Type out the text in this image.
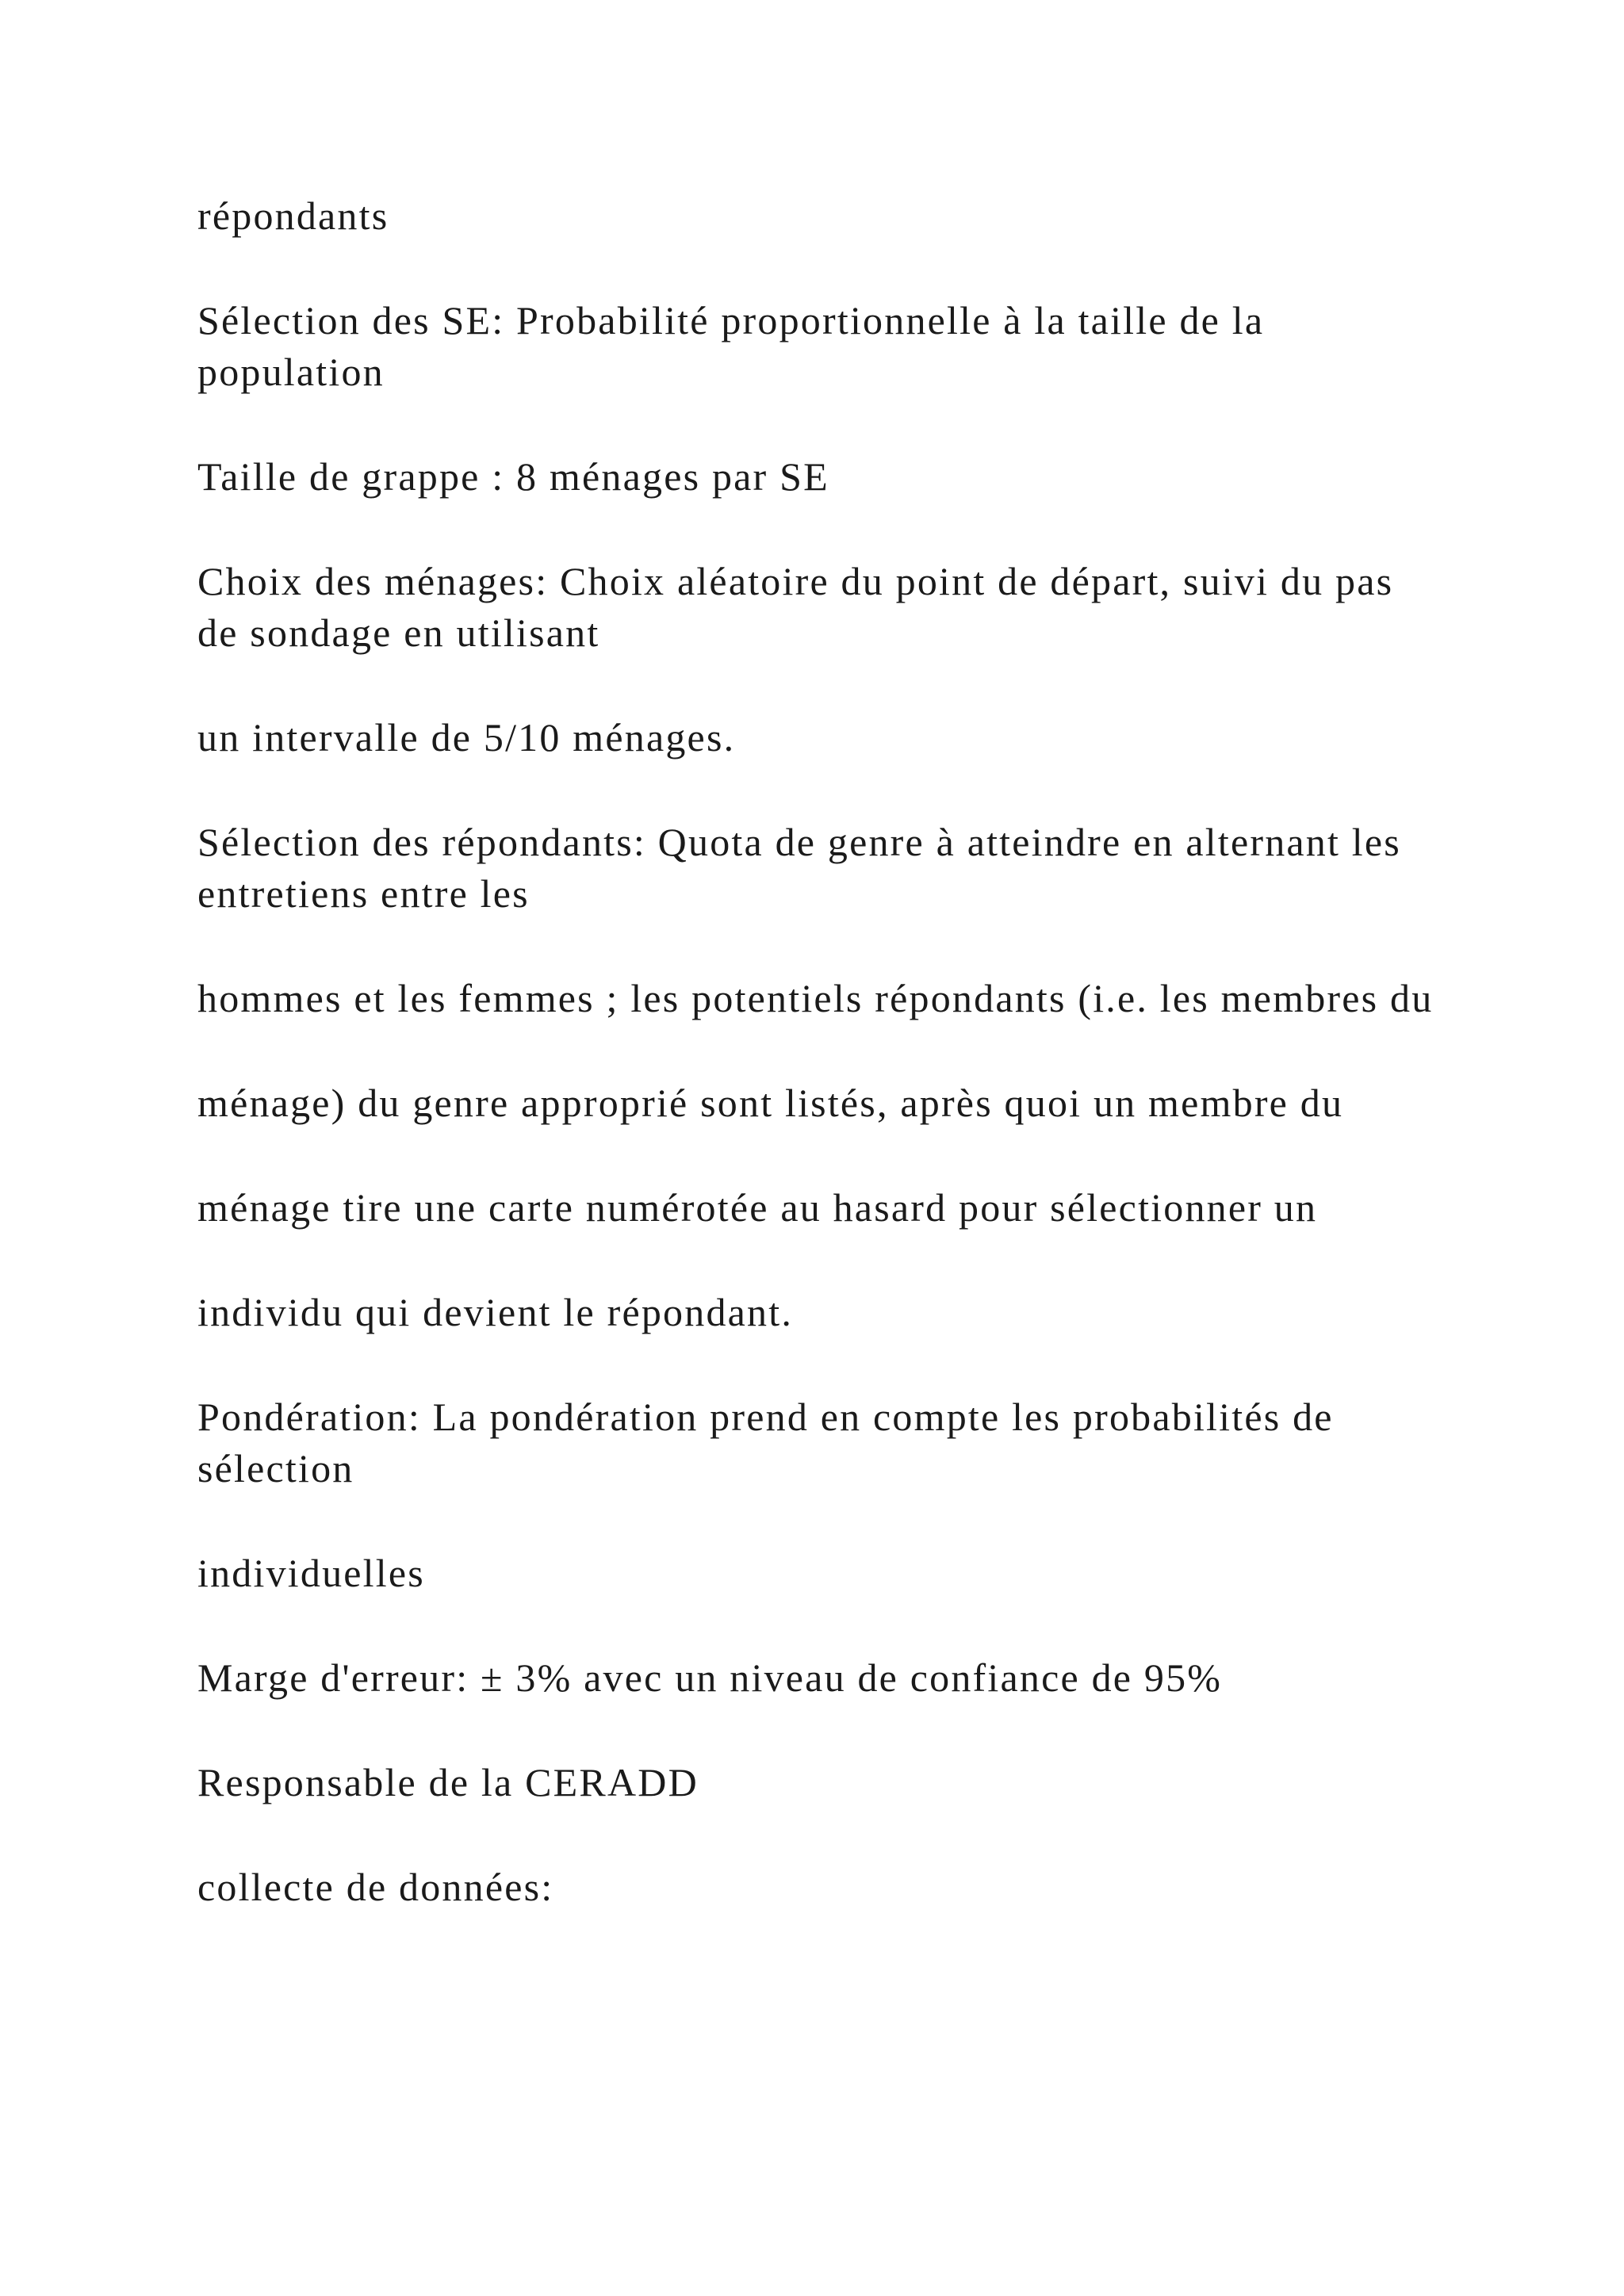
répondants

Sélection des SE: Probabilité proportionnelle à la taille de la population

Taille de grappe : 8 ménages par SE

Choix des ménages: Choix aléatoire du point de départ, suivi du pas de sondage en utilisant

un intervalle de 5/10 ménages.

Sélection des répondants: Quota de genre à atteindre en alternant les entretiens entre les

hommes et les femmes ; les potentiels répondants (i.e. les membres du

ménage) du genre approprié sont listés, après quoi un membre du

ménage tire une carte numérotée au hasard pour sélectionner un

individu qui devient le répondant.

Pondération: La pondération prend en compte les probabilités de sélection

individuelles

Marge d'erreur: ± 3% avec un niveau de confiance de 95%

Responsable de la CERADD

collecte de données:
